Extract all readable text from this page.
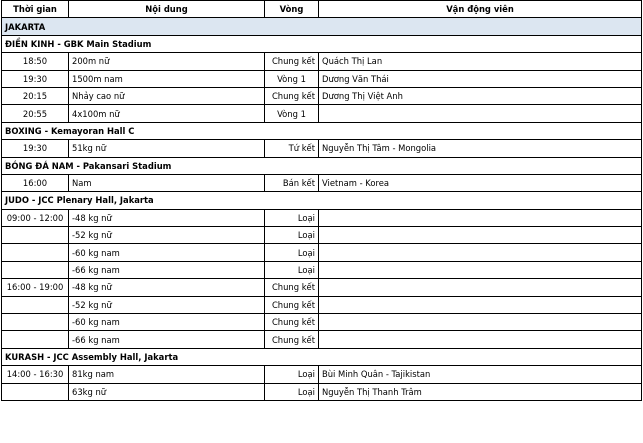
Thời gian	Nội dung	Vòng	Vận động viên
JAKARTA			
ĐIỀN KINH - GBK Main Stadium			
18:50	200m nữ	Chung kết	Quách Thị Lan
19:30	1500m nam	Vòng 1	Dương Văn Thái
20:15	Nhảy cao nữ	Chung kết	Dương Thị Việt Anh
20:55	4x100m nữ	Vòng 1	
BOXING - Kemayoran Hall C			
19:30	51kg nữ	Tứ kết	Nguyễn Thị Tâm - Mongolia
BÓNG ĐÁ NAM - Pakansari Stadium			
16:00	Nam	Bán kết	Vietnam - Korea
JUDO - JCC Plenary Hall, Jakarta			
09:00 - 12:00	-48 kg nữ	Loại	
	-52 kg nữ	Loại	
	-60 kg nam	Loại	
	-66 kg nam	Loại	
16:00 - 19:00	-48 kg nữ	Chung kết	
	-52 kg nữ	Chung kết	
	-60 kg nam	Chung kết	
	-66 kg nam	Chung kết	
KURASH - JCC Assembly Hall, Jakarta			
14:00 - 16:30	81kg nam	Loại	Bùi Minh Quân - Tajikistan
	63kg nữ	Loại	Nguyễn Thị Thanh Trâm
